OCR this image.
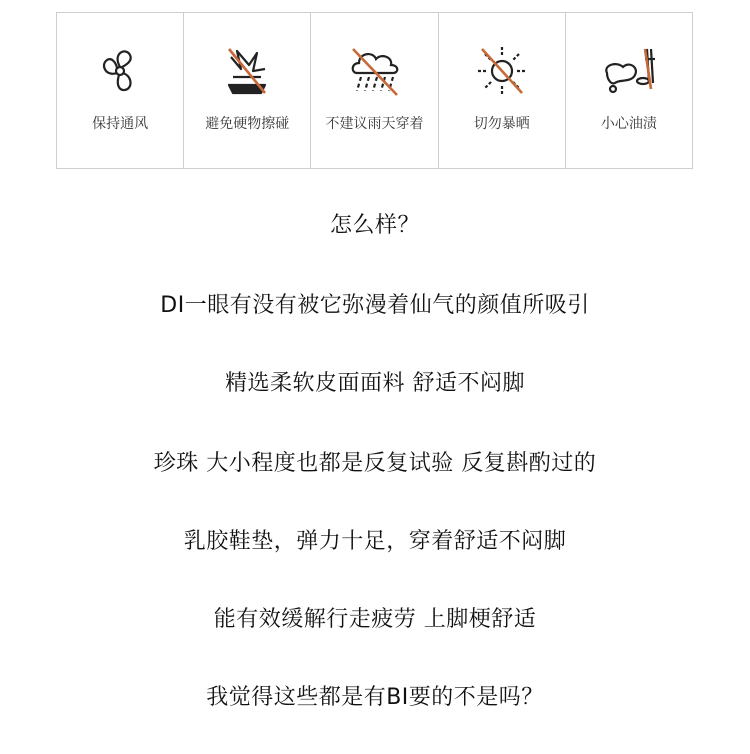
保持通风	避免硬物擦碰	不建议雨天穿着	切勿暴晒	小心油渍
怎么样？
DI一眼有没有被它弥漫着仙气的颜值所吸引
精选柔软皮面面料 舒适不闷脚
珍珠 大小程度也都是反复试验 反复斟酌过的
乳胶鞋垫，弹力十足，穿着舒适不闷脚
能有效缓解行走疲劳 上脚梗舒适
我觉得这些都是有BI要的不是吗？
